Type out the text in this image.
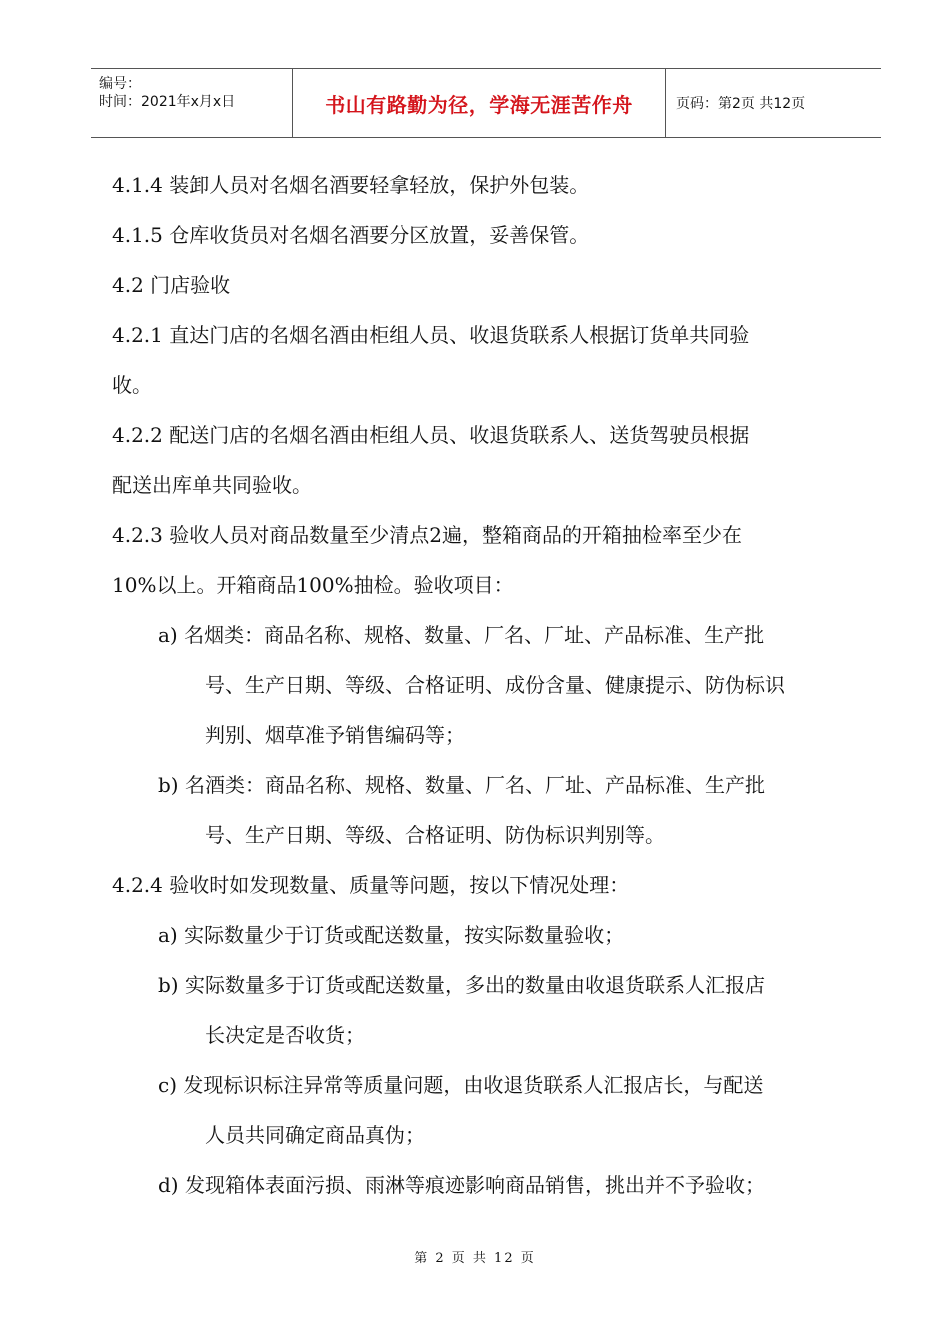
编号：
时间：2021年x月x日	书山有路勤为径，学海无涯苦作舟	页码：第2页 共12页
4.1.4 装卸人员对名烟名酒要轻拿轻放，保护外包装。
4.1.5 仓库收货员对名烟名酒要分区放置，妥善保管。
4.2 门店验收
4.2.1 直达门店的名烟名酒由柜组人员、收退货联系人根据订货单共同验
收。
4.2.2 配送门店的名烟名酒由柜组人员、收退货联系人、送货驾驶员根据
配送出库单共同验收。
4.2.3 验收人员对商品数量至少清点2遍，整箱商品的开箱抽检率至少在
10%以上。开箱商品100%抽检。验收项目：
a) 名烟类：商品名称、规格、数量、厂名、厂址、产品标准、生产批
号、生产日期、等级、合格证明、成份含量、健康提示、防伪标识
判别、烟草准予销售编码等；
b) 名酒类：商品名称、规格、数量、厂名、厂址、产品标准、生产批
号、生产日期、等级、合格证明、防伪标识判别等。
4.2.4 验收时如发现数量、质量等问题，按以下情况处理：
a) 实际数量少于订货或配送数量，按实际数量验收；
b) 实际数量多于订货或配送数量，多出的数量由收退货联系人汇报店
长决定是否收货；
c) 发现标识标注异常等质量问题，由收退货联系人汇报店长，与配送
人员共同确定商品真伪；
d) 发现箱体表面污损、雨淋等痕迹影响商品销售，挑出并不予验收；
第 2 页 共 12 页
